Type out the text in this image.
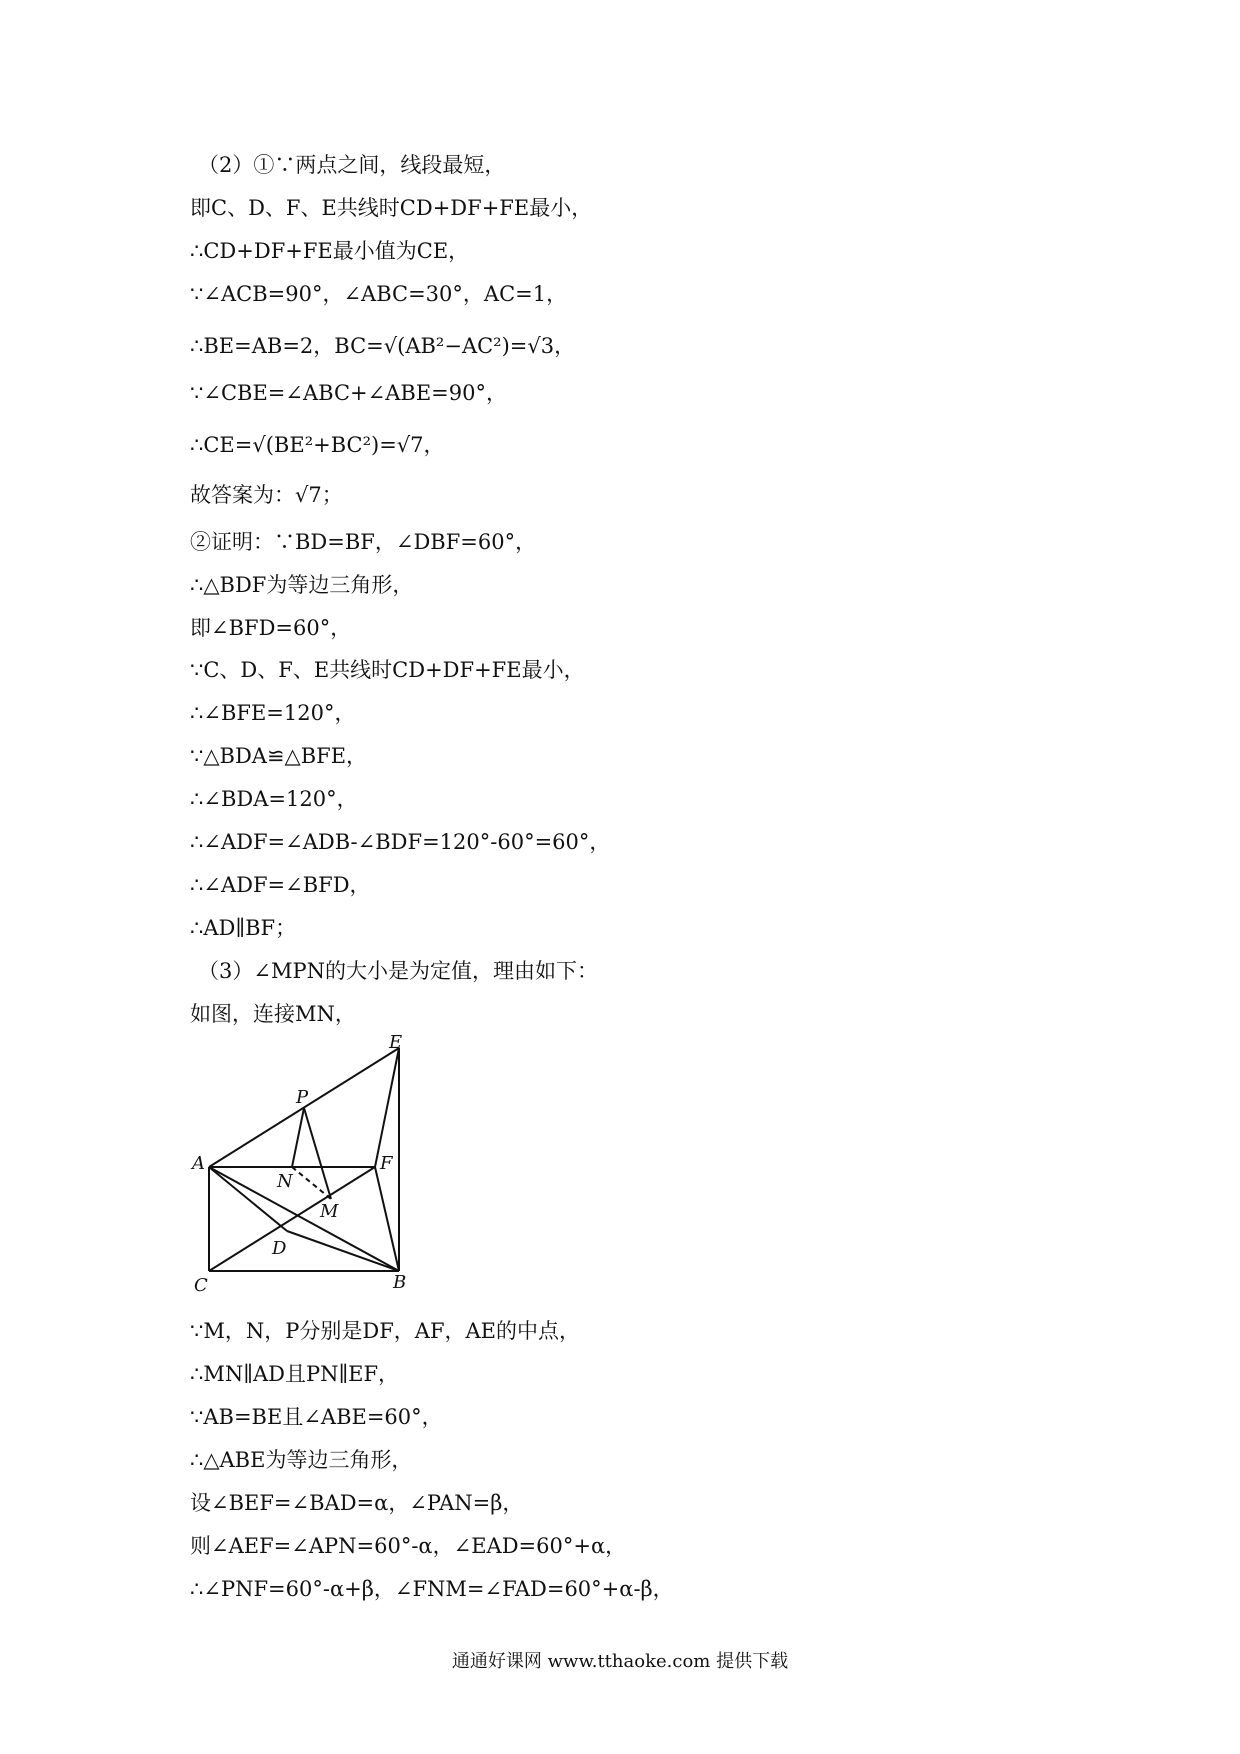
（2）①∵两点之间，线段最短，
即C、D、F、E共线时CD+DF+FE最小，
∴CD+DF+FE最小值为CE，
∵∠ACB=90°，∠ABC=30°，AC=1，
∴BE=AB=2，BC=√(AB²−AC²)=√3，
∵∠CBE=∠ABC+∠ABE=90°，
∴CE=√(BE²+BC²)=√7，
故答案为：√7；
②证明：∵BD=BF，∠DBF=60°，
∴△BDF为等边三角形，
即∠BFD=60°，
∵C、D、F、E共线时CD+DF+FE最小，
∴∠BFE=120°，
∵△BDA≌△BFE，
∴∠BDA=120°，
∴∠ADF=∠ADB-∠BDF=120°-60°=60°，
∴∠ADF=∠BFD，
∴AD∥BF；
（3）∠MPN的大小是为定值，理由如下：
如图，连接MN，
E
P
A
N
F
M
D
C	B
∵M，N，P分别是DF，AF，AE的中点，
∴MN∥AD且PN∥EF，
∵AB=BE且∠ABE=60°，
∴△ABE为等边三角形，
设∠BEF=∠BAD=α，∠PAN=β，
则∠AEF=∠APN=60°-α，∠EAD=60°+α，
∴∠PNF=60°-α+β，∠FNM=∠FAD=60°+α-β，
通通好课网 www.tthaoke.com 提供下载
